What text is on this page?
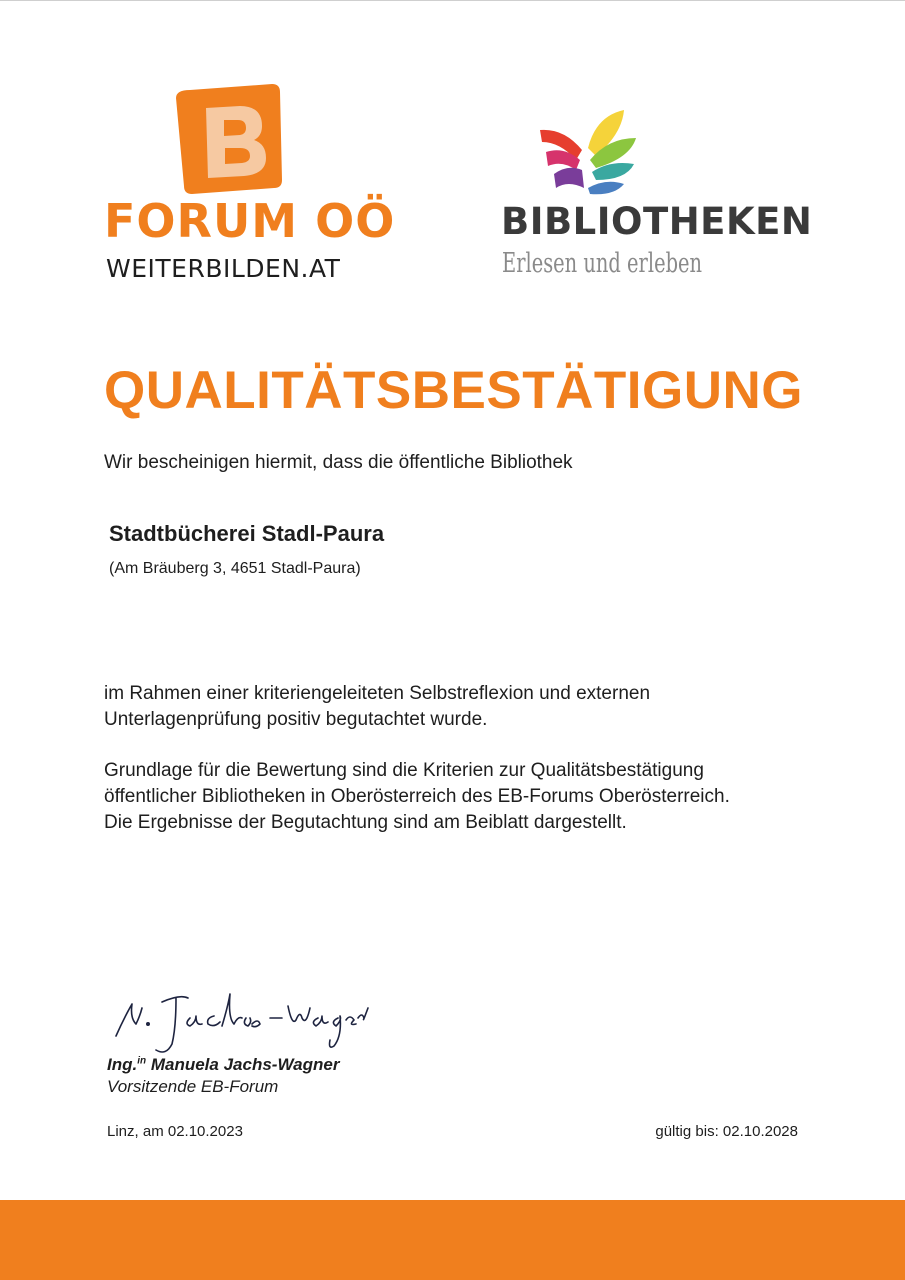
FORUM OÖ
WEITERBILDEN.AT
BIBLIOTHEKEN
Erlesen und erleben
QUALITÄTSBESTÄTIGUNG
Wir bescheinigen hiermit, dass die öffentliche Bibliothek
Stadtbücherei Stadl-Paura
(Am Bräuberg 3, 4651 Stadl-Paura)
im Rahmen einer kriteriengeleiteten Selbstreflexion und externen
Unterlagenprüfung positiv begutachtet wurde.
Grundlage für die Bewertung sind die Kriterien zur Qualitätsbestätigung
öffentlicher Bibliotheken in Oberösterreich des EB-Forums Oberösterreich.
Die Ergebnisse der Begutachtung sind am Beiblatt dargestellt.
Ing.$^{in}$ Manuela Jachs-Wagner
Vorsitzende EB-Forum
Linz, am 02.10.2023	gültig bis: 02.10.2028
